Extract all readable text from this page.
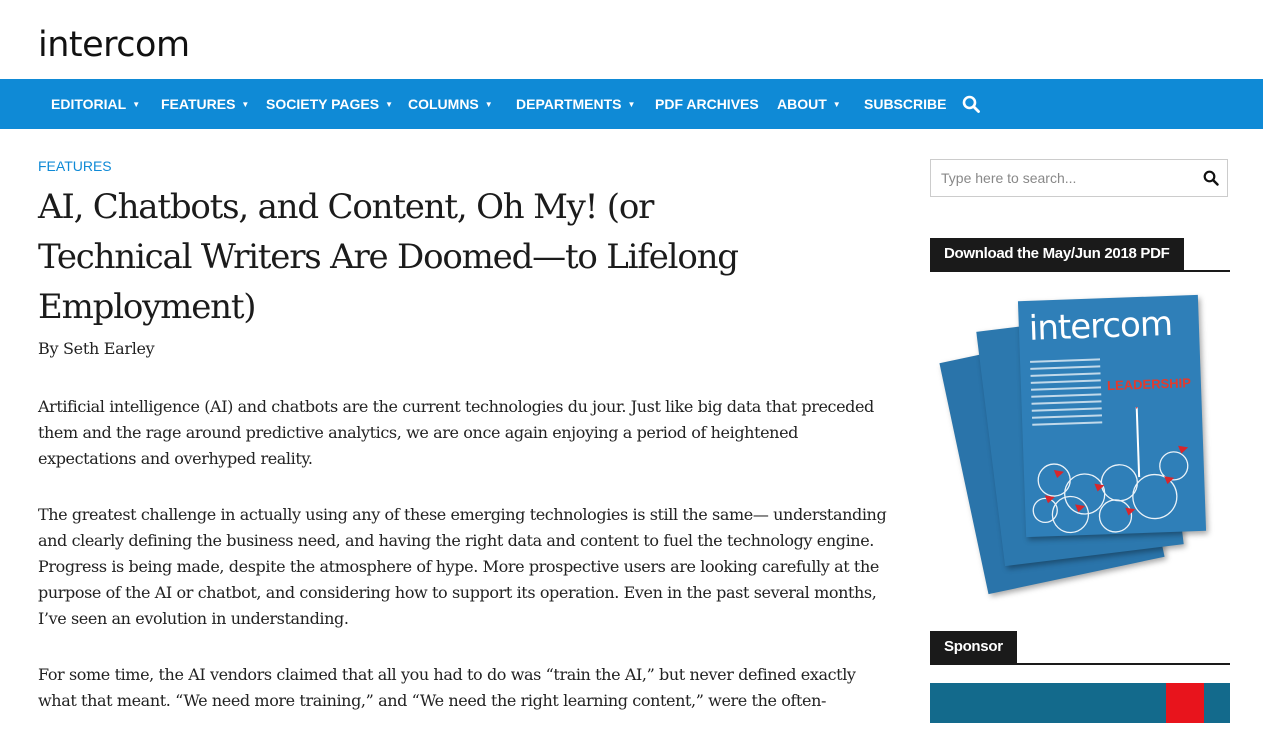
intercom
EDITORIAL ▼ FEATURES ▼ SOCIETY PAGES ▼ COLUMNS ▼ DEPARTMENTS ▼ PDF ARCHIVES ABOUT ▼ SUBSCRIBE
FEATURES
AI, Chatbots, and Content, Oh My! (or Technical Writers Are Doomed—to Lifelong Employment)
By Seth Earley

Artificial intelligence (AI) and chatbots are the current technologies du jour. Just like big data that preceded them and the rage around predictive analytics, we are once again enjoying a period of heightened expectations and overhyped reality.

The greatest challenge in actually using any of these emerging technologies is still the same— understanding and clearly defining the business need, and having the right data and content to fuel the technology engine. Progress is being made, despite the atmosphere of hype. More prospective users are looking carefully at the purpose of the AI or chatbot, and considering how to support its operation. Even in the past several months, I’ve seen an evolution in understanding.

For some time, the AI vendors claimed that all you had to do was “train the AI,” but never defined exactly what that meant. “We need more training,” and “We need the right learning content,” were the often-

Type here to search...
Download the May/Jun 2018 PDF
intercom
LEADERSHIP
Sponsor
